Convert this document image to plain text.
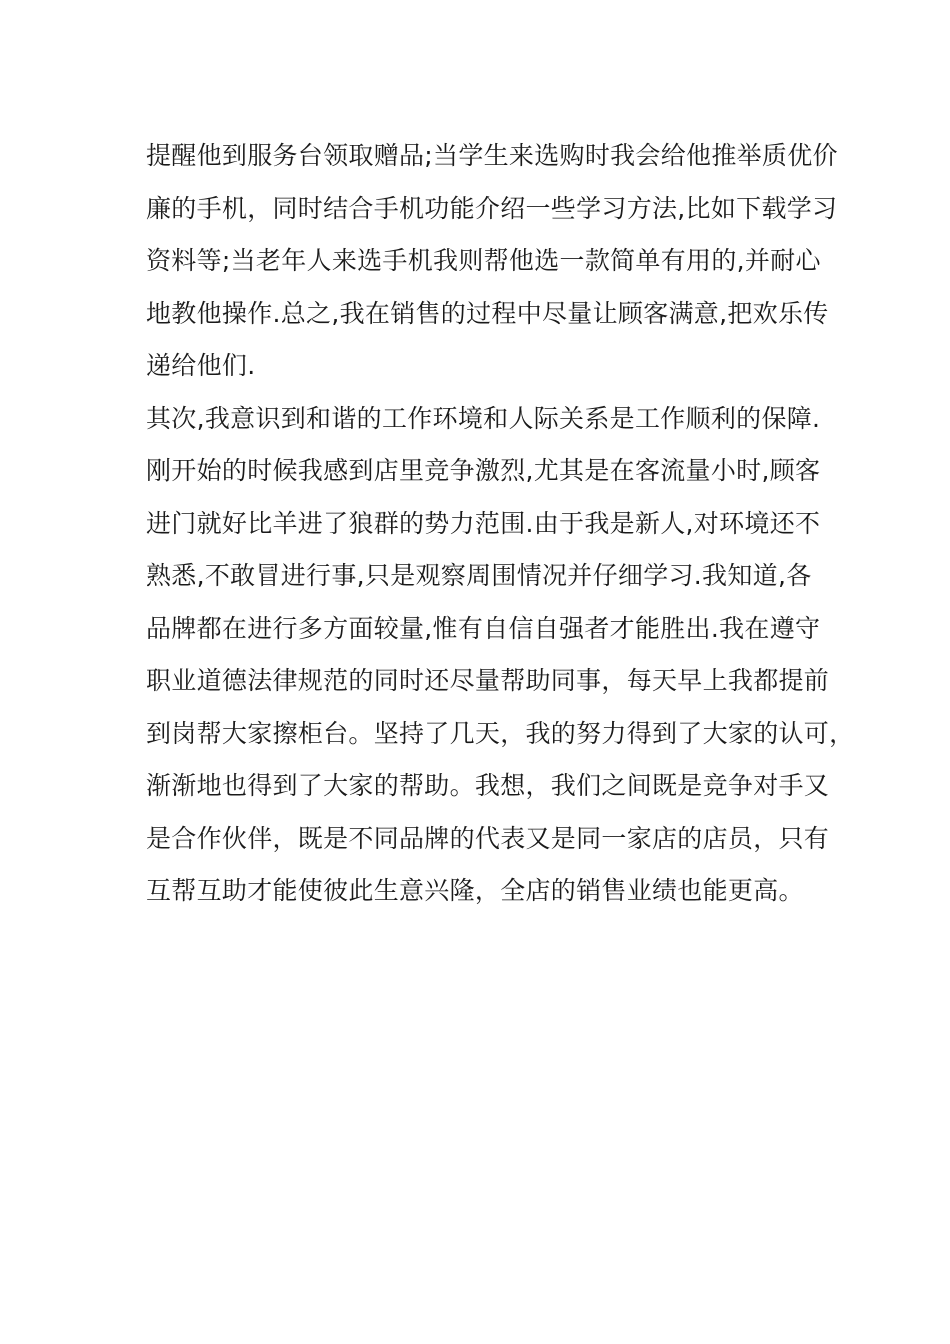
提醒他到服务台领取赠品;当学生来选购时我会给他推举质优价
廉的手机，同时结合手机功能介绍一些学习方法,比如下载学习
资料等;当老年人来选手机我则帮他选一款简单有用的,并耐心
地教他操作.总之,我在销售的过程中尽量让顾客满意,把欢乐传
递给他们.
其次,我意识到和谐的工作环境和人际关系是工作顺利的保障.
刚开始的时候我感到店里竞争激烈,尤其是在客流量小时,顾客
进门就好比羊进了狼群的势力范围.由于我是新人,对环境还不
熟悉,不敢冒进行事,只是观察周围情况并仔细学习.我知道,各
品牌都在进行多方面较量,惟有自信自强者才能胜出.我在遵守
职业道德法律规范的同时还尽量帮助同事，每天早上我都提前
到岗帮大家擦柜台。坚持了几天，我的努力得到了大家的认可，
渐渐地也得到了大家的帮助。我想，我们之间既是竞争对手又
是合作伙伴，既是不同品牌的代表又是同一家店的店员，只有
互帮互助才能使彼此生意兴隆，全店的销售业绩也能更高。
